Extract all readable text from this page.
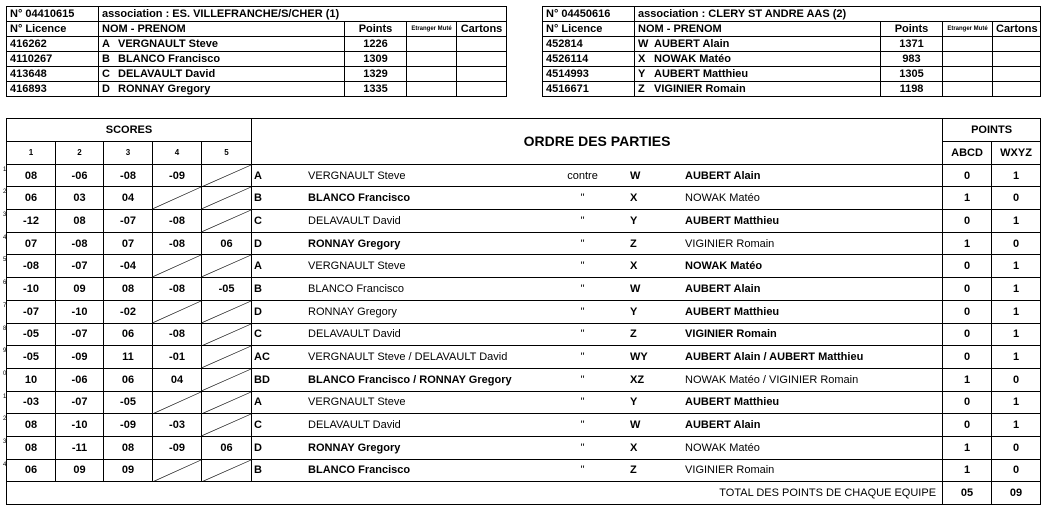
N° 04410615	association : ES. VILLEFRANCHE/S/CHER (1)			
N° Licence	NOM - PRENOM	Points	Etranger Muté	Cartons
416262	A VERGNAULT Steve	1226		
4110267	B BLANCO Francisco	1309		
413648	C DELAVAULT David	1329		
416893	D RONNAY Gregory	1335		
N° 04450616	association : CLERY ST ANDRE AAS (2)			
N° Licence	NOM - PRENOM	Points	Etranger Muté	Cartons
452814	W AUBERT Alain	1371		
4526114	X NOWAK Matéo	983		
4514993	Y AUBERT Matthieu	1305		
4516671	Z VIGINIER Romain	1198		
SCORES					ORDRE DES PARTIES	POINTS	
1	2	3	4	5		ABCD	WXYZ

1 08	-06	-08	-09		A VERGNAULT Steve contre W AUBERT Alain	0	1

2 06	03	04			B BLANCO Francisco " X NOWAK Matéo	1	0

3 -12	08	-07	-08		C DELAVAULT David " Y AUBERT Matthieu	0	1

4 07	-08	07	-08	06	D RONNAY Gregory " Z VIGINIER Romain	1	0

5 -08	-07	-04			A VERGNAULT Steve " X NOWAK Matéo	0	1

6 -10	09	08	-08	-05	B BLANCO Francisco " W AUBERT Alain	0	1

7 -07	-10	-02			D RONNAY Gregory " Y AUBERT Matthieu	0	1

8 -05	-07	06	-08		C DELAVAULT David " Z VIGINIER Romain	0	1

9 -05	-09	11	-01		AC VERGNAULT Steve / DELAVAULT David " WY AUBERT Alain / AUBERT Matthieu	0	1

0 10	-06	06	04		BD BLANCO Francisco / RONNAY Gregory " XZ NOWAK Matéo / VIGINIER Romain	1	0

1 -03	-07	-05			A VERGNAULT Steve " Y AUBERT Matthieu	0	1

2 08	-10	-09	-03		C DELAVAULT David " W AUBERT Alain	0	1

3 08	-11	08	-09	06	D RONNAY Gregory " X NOWAK Matéo	1	0

4 06	09	09			B BLANCO Francisco " Z VIGINIER Romain	1	0
TOTAL DES POINTS DE CHAQUE EQUIPE						05	09
